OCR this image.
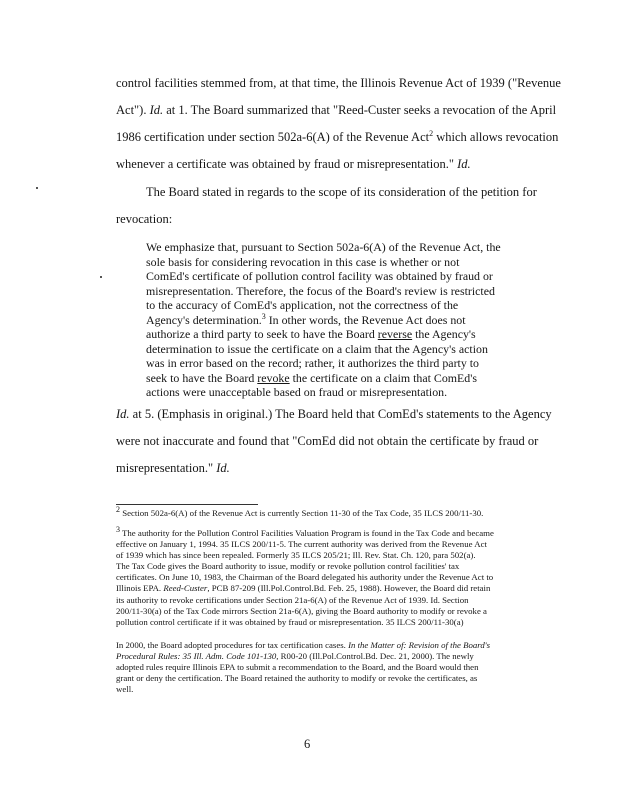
control facilities stemmed from, at that time, the Illinois Revenue Act of 1939 ("Revenue
Act"). Id. at 1. The Board summarized that "Reed-Custer seeks a revocation of the April
1986 certification under section 502a-6(A) of the Revenue Act$^2$ which allows revocation
whenever a certificate was obtained by fraud or misrepresentation." Id.
The Board stated in regards to the scope of its consideration of the petition for
revocation:
We emphasize that, pursuant to Section 502a-6(A) of the Revenue Act, the
sole basis for considering revocation in this case is whether or not
ComEd's certificate of pollution control facility was obtained by fraud or
misrepresentation. Therefore, the focus of the Board's review is restricted
to the accuracy of ComEd's application, not the correctness of the
Agency's determination.$^3$ In other words, the Revenue Act does not
authorize a third party to seek to have the Board reverse the Agency's
determination to issue the certificate on a claim that the Agency's action
was in error based on the record; rather, it authorizes the third party to
seek to have the Board revoke the certificate on a claim that ComEd's
actions were unacceptable based on fraud or misrepresentation.
Id. at 5. (Emphasis in original.) The Board held that ComEd's statements to the Agency
were not inaccurate and found that "ComEd did not obtain the certificate by fraud or
misrepresentation." Id.
$^2$ Section 502a-6(A) of the Revenue Act is currently Section 11-30 of the Tax Code, 35 ILCS 200/11-30.
$^3$ The authority for the Pollution Control Facilities Valuation Program is found in the Tax Code and became
effective on January 1, 1994. 35 ILCS 200/11-5. The current authority was derived from the Revenue Act
of 1939 which has since been repealed. Formerly 35 ILCS 205/21; Ill. Rev. Stat. Ch. 120, para 502(a).
The Tax Code gives the Board authority to issue, modify or revoke pollution control facilities' tax
certificates. On June 10, 1983, the Chairman of the Board delegated his authority under the Revenue Act to
Illinois EPA. Reed-Custer, PCB 87-209 (Ill.Pol.Control.Bd. Feb. 25, 1988). However, the Board did retain
its authority to revoke certifications under Section 21a-6(A) of the Revenue Act of 1939. Id. Section
200/11-30(a) of the Tax Code mirrors Section 21a-6(A), giving the Board authority to modify or revoke a
pollution control certificate if it was obtained by fraud or misrepresentation. 35 ILCS 200/11-30(a)
In 2000, the Board adopted procedures for tax certification cases. In the Matter of: Revision of the Board's
Procedural Rules: 35 Ill. Adm. Code 101-130, R00-20 (Ill.Pol.Control.Bd. Dec. 21, 2000). The newly
adopted rules require Illinois EPA to submit a recommendation to the Board, and the Board would then
grant or deny the certification. The Board retained the authority to modify or revoke the certificates, as
well.
6
